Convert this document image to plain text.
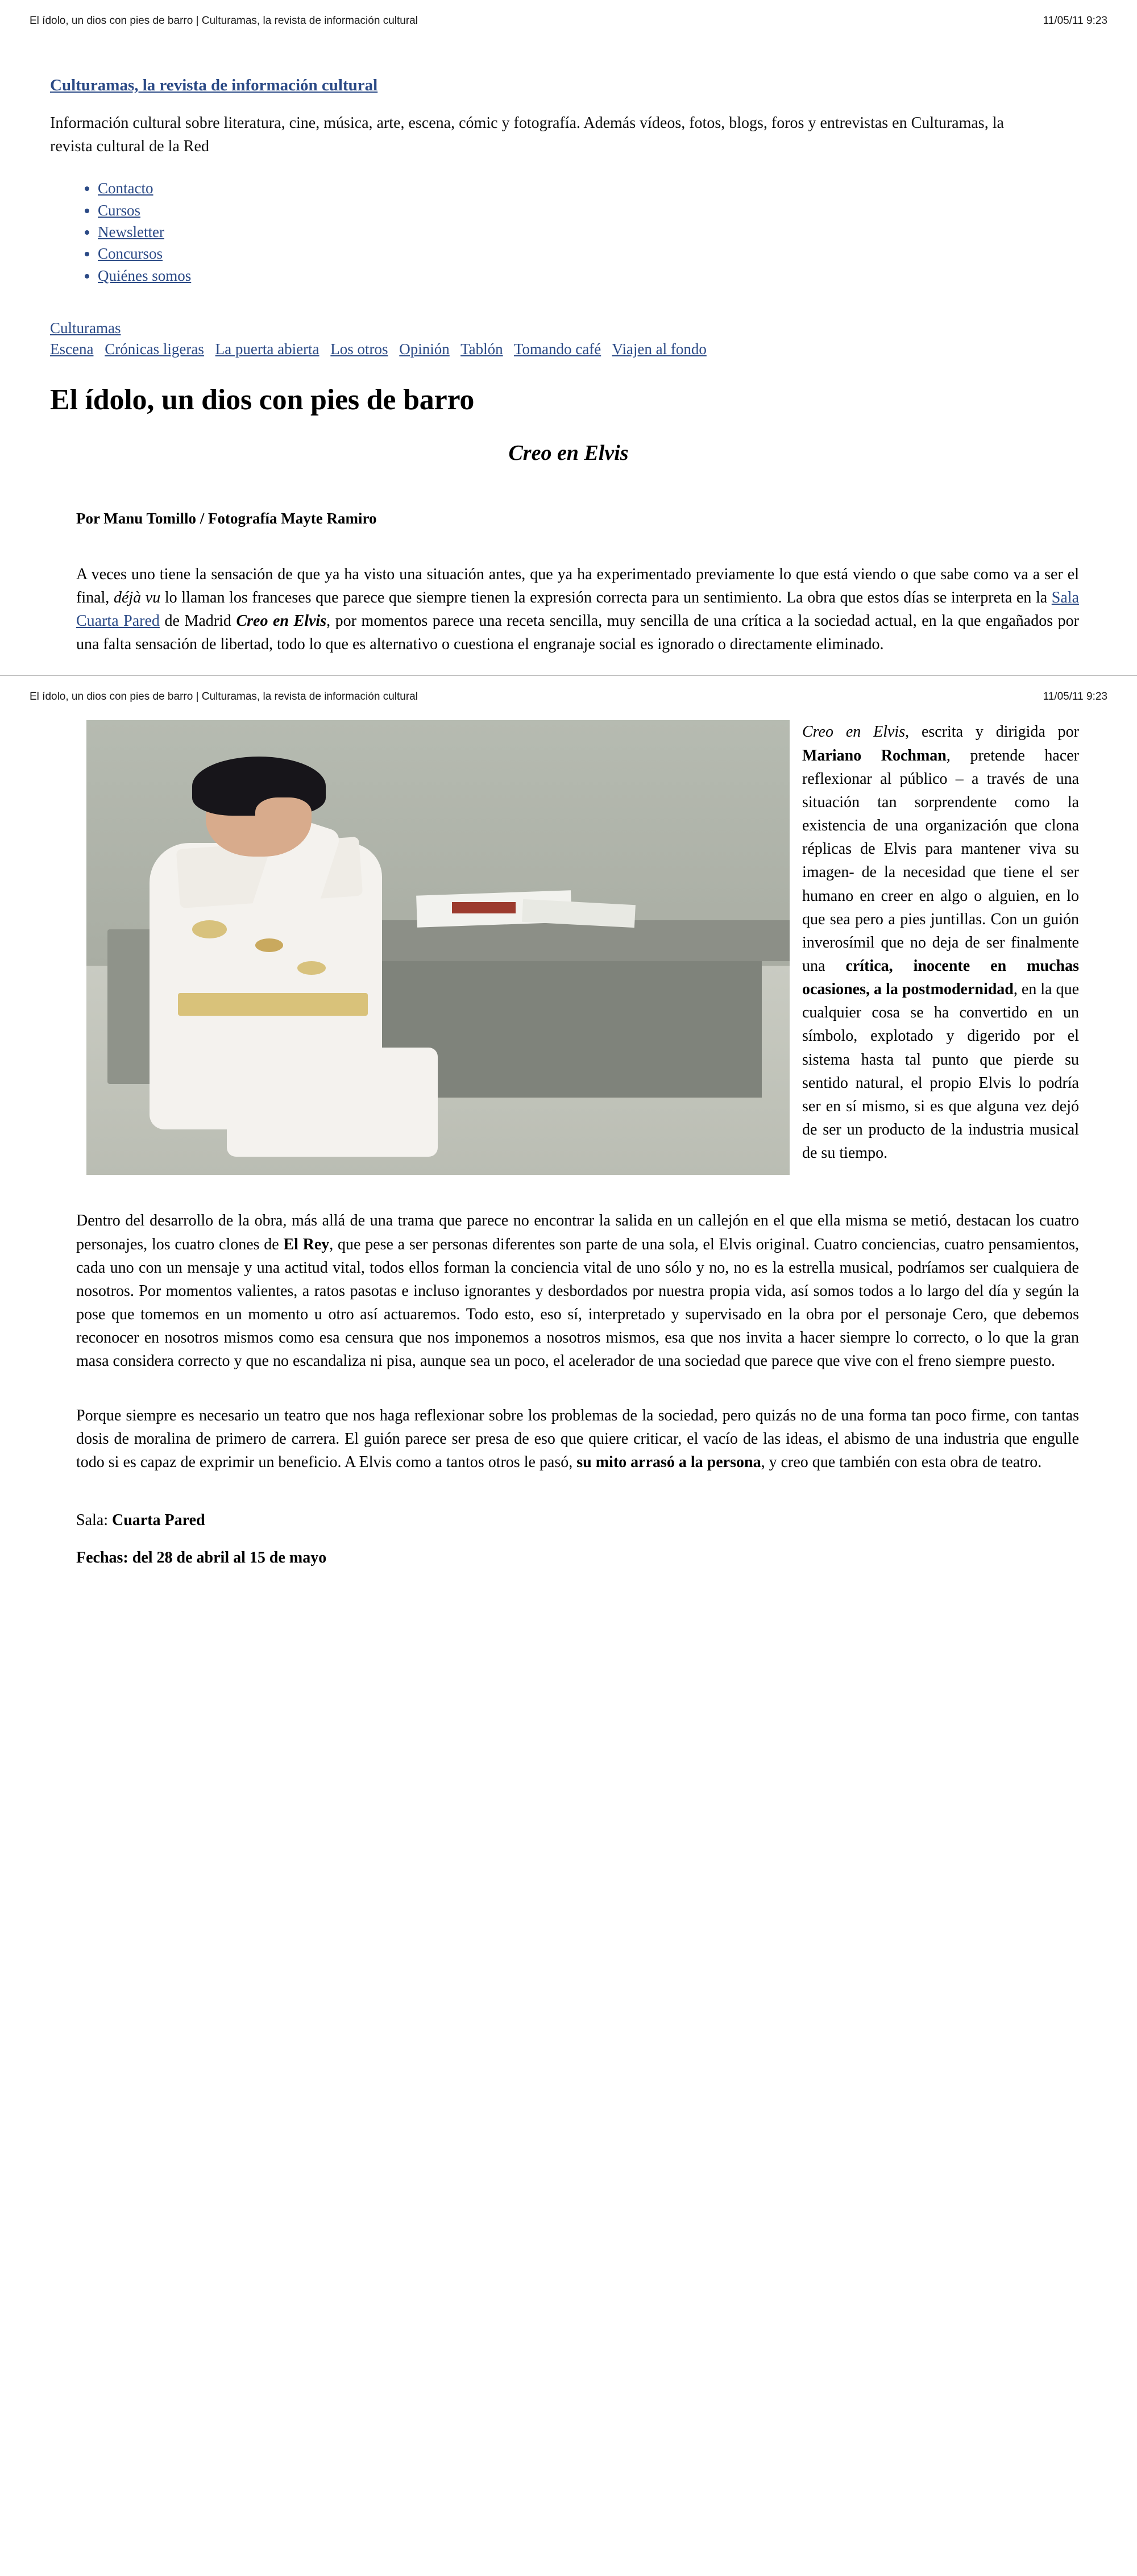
El ídolo, un dios con pies de barro | Culturamas, la revista de información cultural	11/05/11 9:23
Culturamas, la revista de información cultural
Información cultural sobre literatura, cine, música, arte, escena, cómic y fotografía. Además vídeos, fotos, blogs, foros y entrevistas en Culturamas, la revista cultural de la Red
• Contacto
• Cursos
• Newsletter
• Concursos
• Quiénes somos
Culturamas
Escena Crónicas ligeras La puerta abierta Los otros Opinión Tablón Tomando café Viajen al fondo
El ídolo, un dios con pies de barro
Creo en Elvis
Por Manu Tomillo / Fotografía Mayte Ramiro

A veces uno tiene la sensación de que ya ha visto una situación antes, que ya ha experimentado previamente lo que está viendo o que sabe como va a ser el final, déjà vu lo llaman los franceses que parece que siempre tienen la expresión correcta para un sentimiento. La obra que estos días se interpreta en la Sala Cuarta Pared de Madrid Creo en Elvis, por momentos parece una receta sencilla, muy sencilla de una crítica a la sociedad actual, en la que engañados por una falta sensación de libertad, todo lo que es alternativo o cuestiona el engranaje social es ignorado o directamente eliminado.

El ídolo, un dios con pies de barro | Culturamas, la revista de información cultural	11/05/11 9:23
Creo en Elvis, escrita y dirigida por Mariano Rochman, pretende hacer reflexionar al público – a través de una situación tan sorprendente como la existencia de una organización que clona réplicas de Elvis para mantener viva su imagen- de la necesidad que tiene el ser humano en creer en algo o alguien, en lo que sea pero a pies juntillas. Con un guión inverosímil que no deja de ser finalmente una crítica, inocente en muchas ocasiones, a la postmodernidad, en la que cualquier cosa se ha convertido en un símbolo, explotado y digerido por el sistema hasta tal punto que pierde su sentido natural, el propio Elvis lo podría ser en sí mismo, si es que alguna vez dejó de ser un producto de la industria musical de su tiempo.

Dentro del desarrollo de la obra, más allá de una trama que parece no encontrar la salida en un callejón en el que ella misma se metió, destacan los cuatro personajes, los cuatro clones de El Rey, que pese a ser personas diferentes son parte de una sola, el Elvis original. Cuatro conciencias, cuatro pensamientos, cada uno con un mensaje y una actitud vital, todos ellos forman la conciencia vital de uno sólo y no, no es la estrella musical, podríamos ser cualquiera de nosotros. Por momentos valientes, a ratos pasotas e incluso ignorantes y desbordados por nuestra propia vida, así somos todos a lo largo del día y según la pose que tomemos en un momento u otro así actuaremos. Todo esto, eso sí, interpretado y supervisado en la obra por el personaje Cero, que debemos reconocer en nosotros mismos como esa censura que nos imponemos a nosotros mismos, esa que nos invita a hacer siempre lo correcto, o lo que la gran masa considera correcto y que no escandaliza ni pisa, aunque sea un poco, el acelerador de una sociedad que parece que vive con el freno siempre puesto.

Porque siempre es necesario un teatro que nos haga reflexionar sobre los problemas de la sociedad, pero quizás no de una forma tan poco firme, con tantas dosis de moralina de primero de carrera. El guión parece ser presa de eso que quiere criticar, el vacío de las ideas, el abismo de una industria que engulle todo si es capaz de exprimir un beneficio. A Elvis como a tantos otros le pasó, su mito arrasó a la persona, y creo que también con esta obra de teatro.

Sala: Cuarta Pared
Fechas: del 28 de abril al 15 de mayo
